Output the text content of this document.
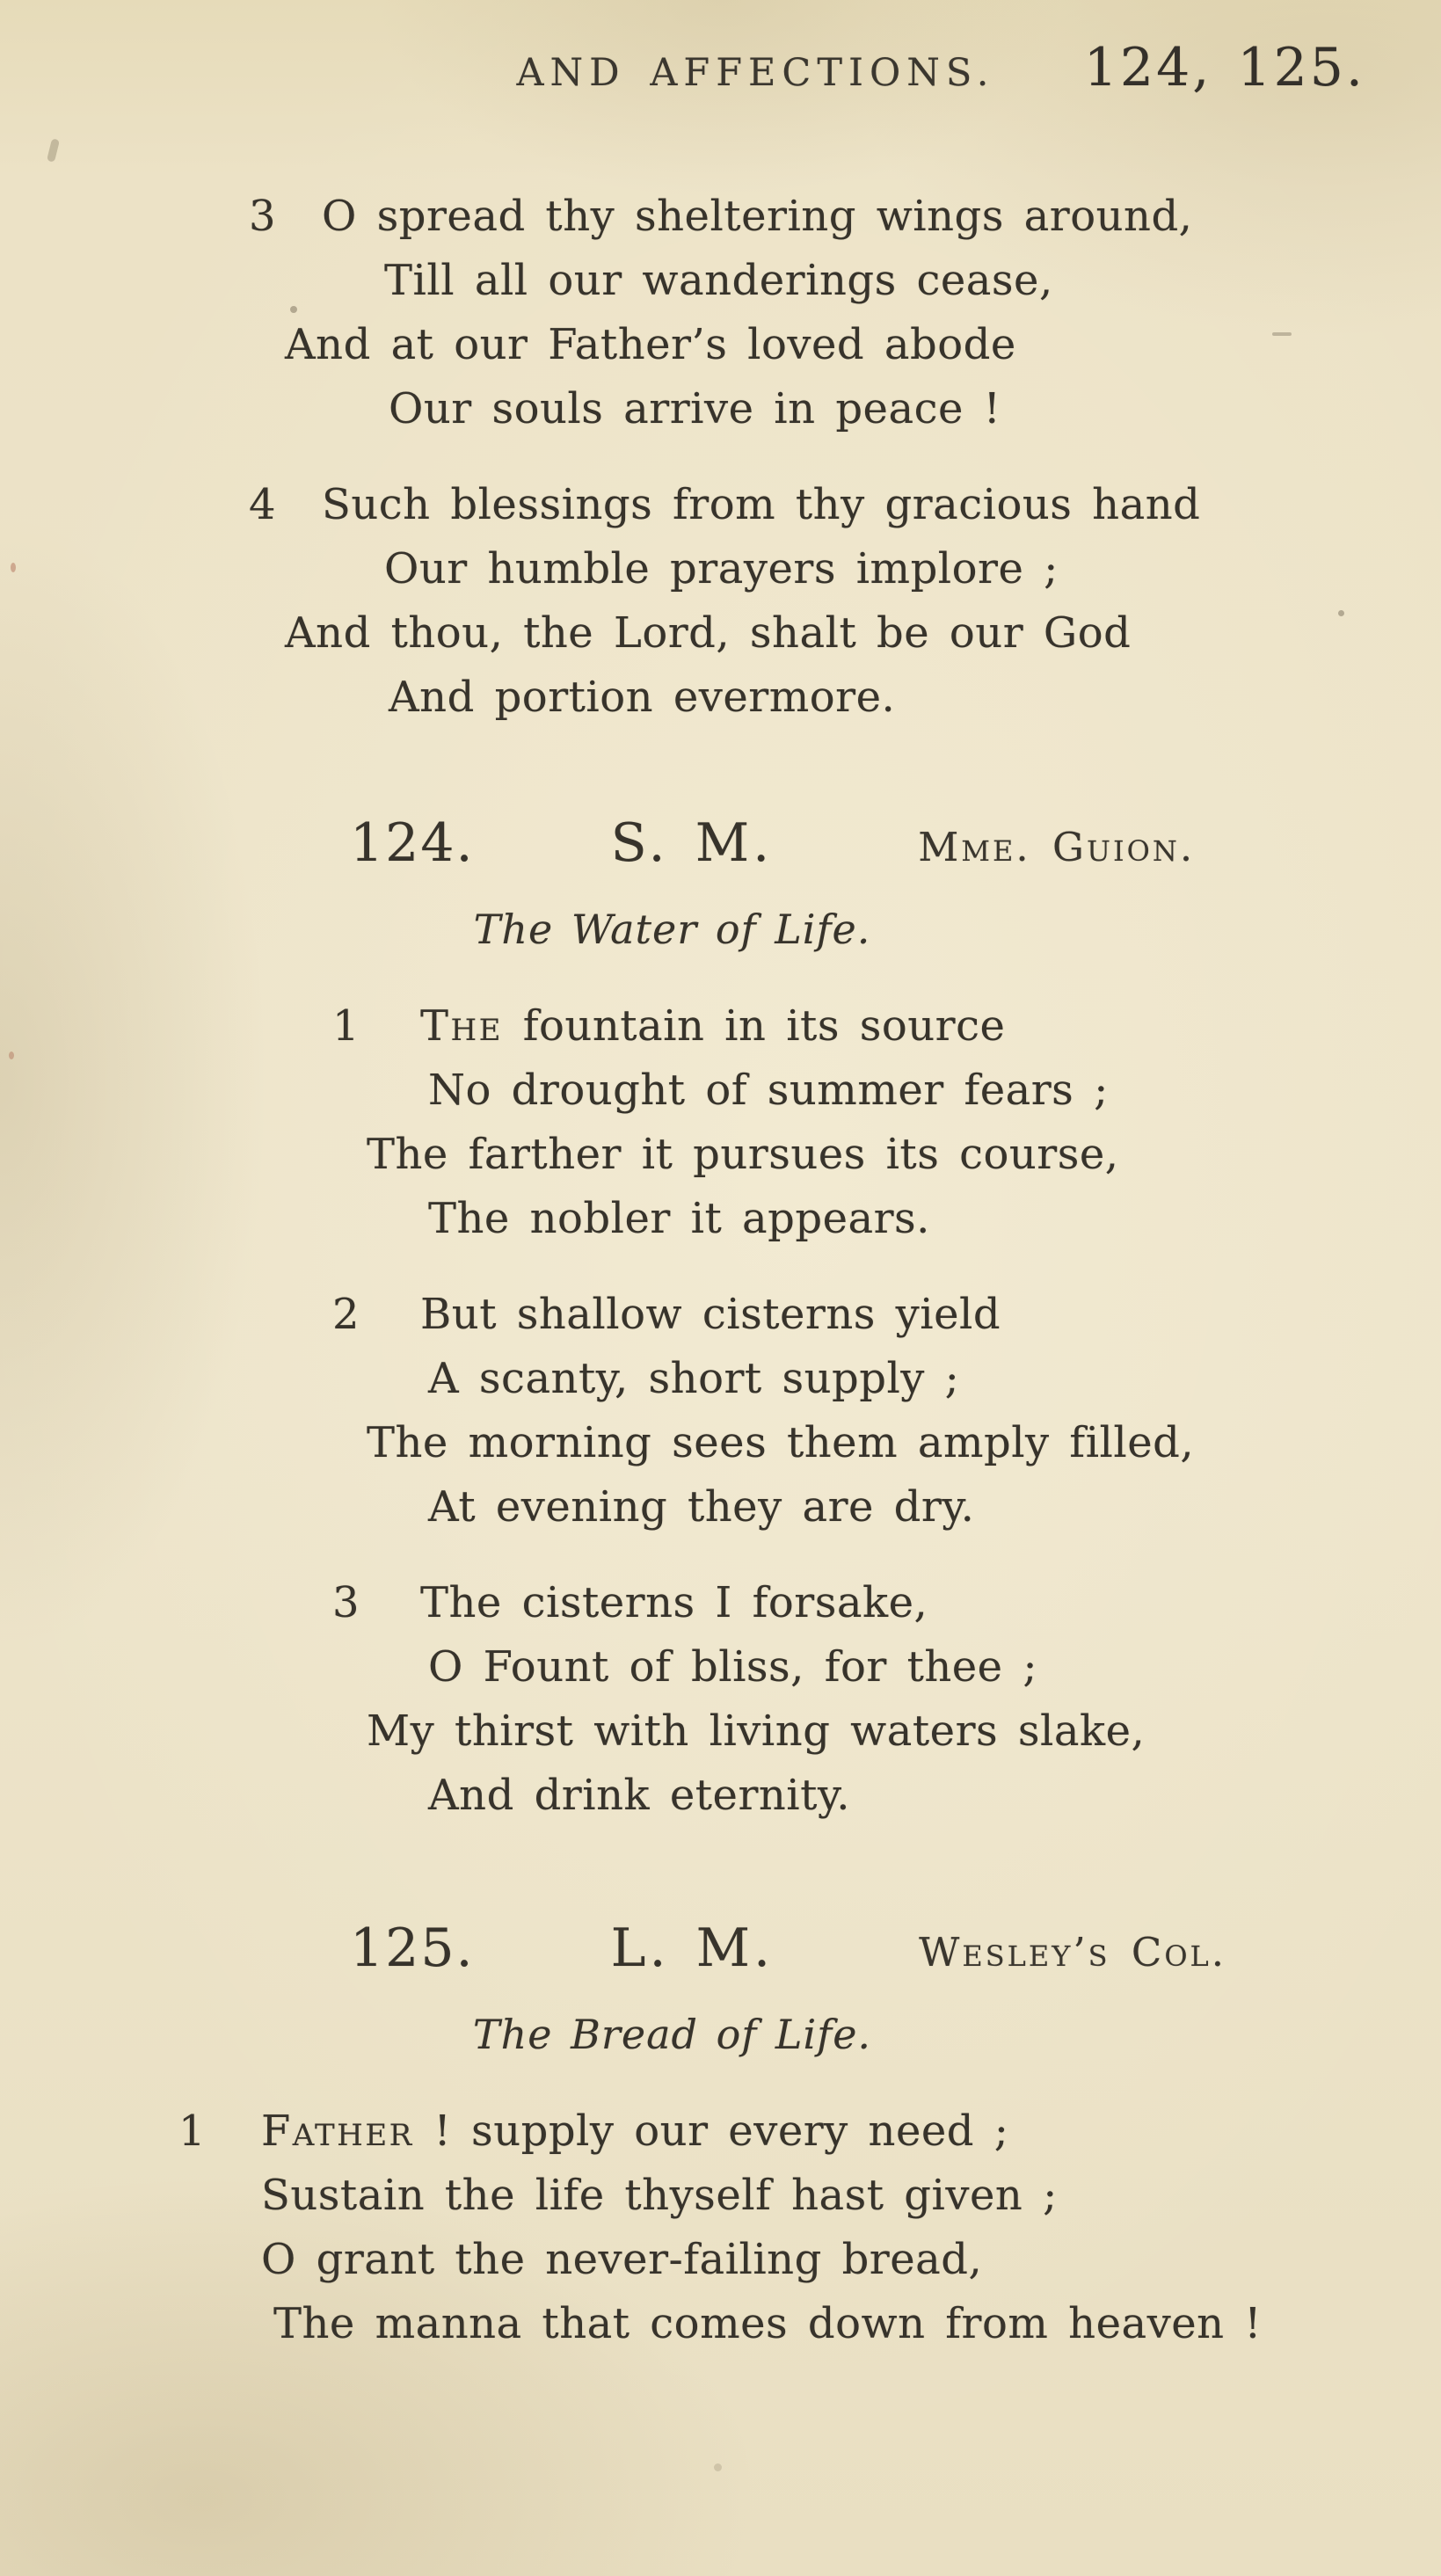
AND AFFECTIONS.	124, 125.
3 O spread thy sheltering wings around,
Till all our wanderings cease,
And at our Father’s loved abode
Our souls arrive in peace !
4 Such blessings from thy gracious hand
Our humble prayers implore ;
And thou, the Lord, shalt be our God
And portion evermore.
124.	S. M.	Mme. Guion.
The Water of Life.
1 The fountain in its source
No drought of summer fears ;
The farther it pursues its course,
The nobler it appears.
2 But shallow cisterns yield
A scanty, short supply ;
The morning sees them amply filled,
At evening they are dry.
3 The cisterns I forsake,
O Fount of bliss, for thee ;
My thirst with living waters slake,
And drink eternity.
125.	L. M.	Wesley’s Col.
The Bread of Life.
1 Father ! supply our every need ;
Sustain the life thyself hast given ;
O grant the never-failing bread,
The manna that comes down from heaven !
